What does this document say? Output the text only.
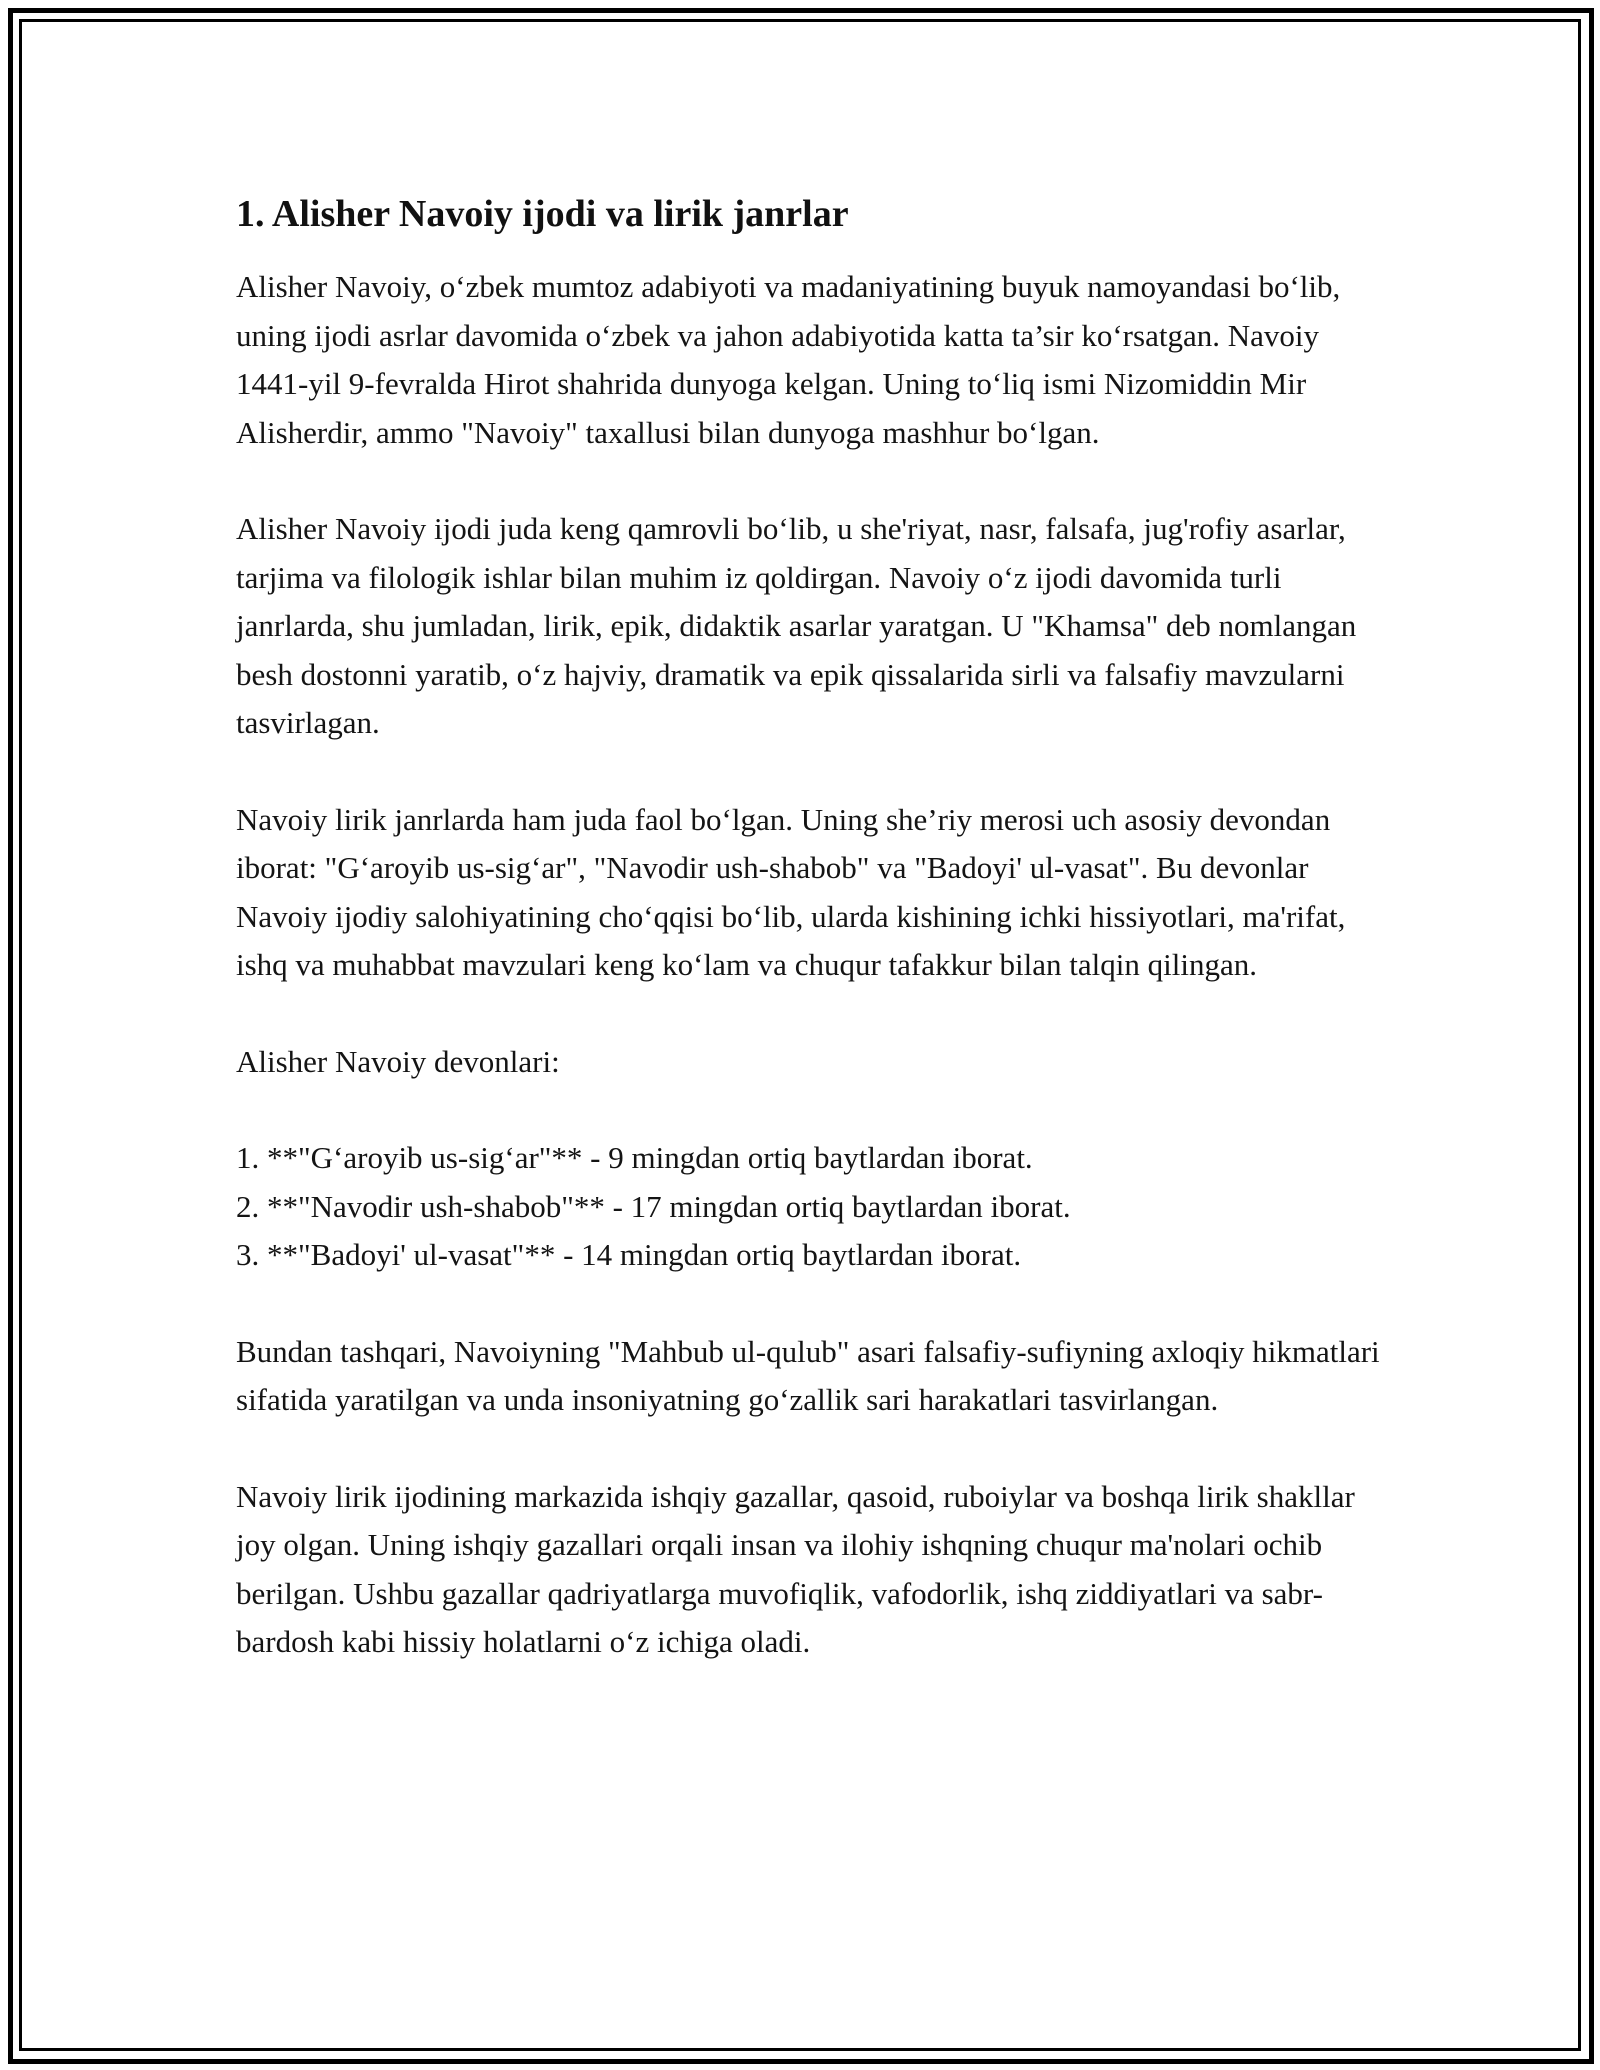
1. Alisher Navoiy ijodi va lirik janrlar

Alisher Navoiy, o‘zbek mumtoz adabiyoti va madaniyatining buyuk namoyandasi bo‘lib, uning ijodi asrlar davomida o‘zbek va jahon adabiyotida katta ta’sir ko‘rsatgan. Navoiy 1441-yil 9-fevralda Hirot shahrida dunyoga kelgan. Uning to‘liq ismi Nizomiddin Mir Alisherdir, ammo "Navoiy" taxallusi bilan dunyoga mashhur bo‘lgan.

Alisher Navoiy ijodi juda keng qamrovli bo‘lib, u she'riyat, nasr, falsafa, jug'rofiy asarlar, tarjima va filologik ishlar bilan muhim iz qoldirgan. Navoiy o‘z ijodi davomida turli janrlarda, shu jumladan, lirik, epik, didaktik asarlar yaratgan. U "Khamsa" deb nomlangan besh dostonni yaratib, o‘z hajviy, dramatik va epik qissalarida sirli va falsafiy mavzularni tasvirlagan.

Navoiy lirik janrlarda ham juda faol bo‘lgan. Uning she’riy merosi uch asosiy devondan iborat: "G‘aroyib us-sig‘ar", "Navodir ush-shabob" va "Badoyi' ul-vasat". Bu devonlar Navoiy ijodiy salohiyatining cho‘qqisi bo‘lib, ularda kishining ichki hissiyotlari, ma'rifat, ishq va muhabbat mavzulari keng ko‘lam va chuqur tafakkur bilan talqin qilingan.

Alisher Navoiy devonlari:

1. **"G‘aroyib us-sig‘ar"** - 9 mingdan ortiq baytlardan iborat.
2. **"Navodir ush-shabob"** - 17 mingdan ortiq baytlardan iborat.
3. **"Badoyi' ul-vasat"** - 14 mingdan ortiq baytlardan iborat.

Bundan tashqari, Navoiyning "Mahbub ul-qulub" asari falsafiy-sufiyning axloqiy hikmatlari sifatida yaratilgan va unda insoniyatning go‘zallik sari harakatlari tasvirlangan.

Navoiy lirik ijodining markazida ishqiy gazallar, qasoid, ruboiylar va boshqa lirik shakllar joy olgan. Uning ishqiy gazallari orqali insan va ilohiy ishqning chuqur ma'nolari ochib berilgan. Ushbu gazallar qadriyatlarga muvofiqlik, vafodorlik, ishq ziddiyatlari va sabr-bardosh kabi hissiy holatlarni o‘z ichiga oladi.
